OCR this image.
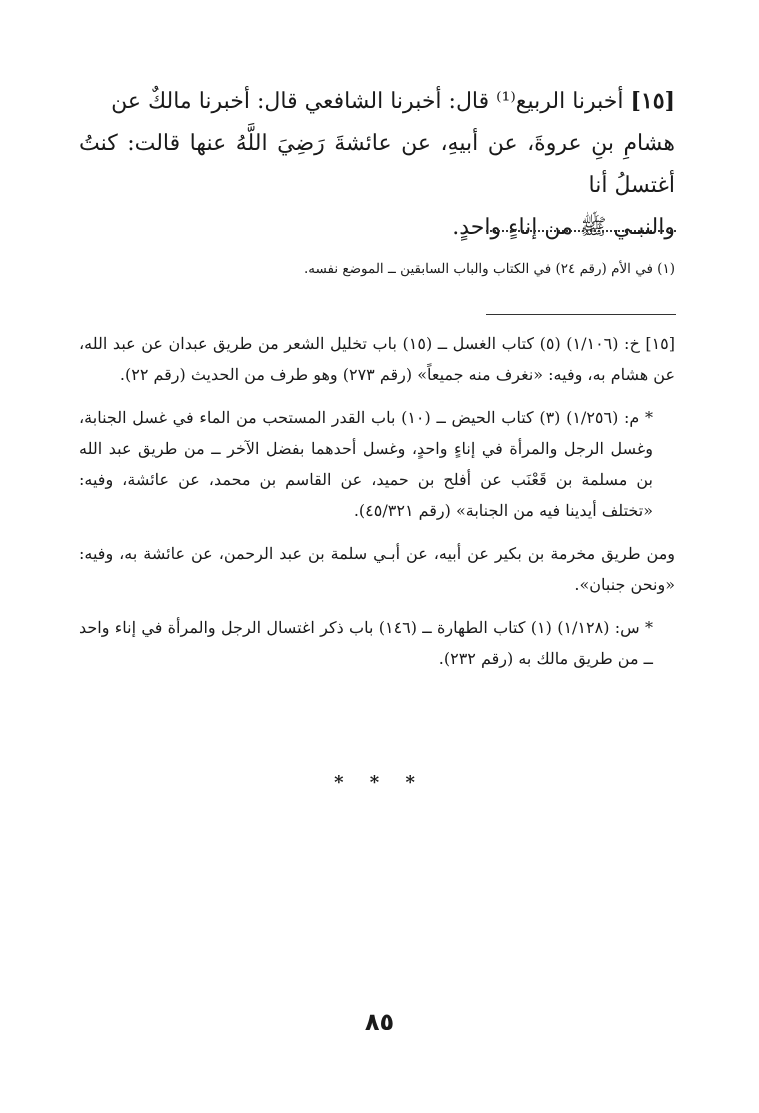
[١٥] أخبرنا الربيع⁽¹⁾ قال: أخبرنا الشافعي قال: أخبرنا مالكٌ عن

هشامِ بنِ عروةَ، عن أبيهِ، عن عائشةَ رَضِيَ اللَّهُ عنها قالت: كنتُ أغتسلُ أنا

والنبـي ﷺ من إناءٍ واحدٍ.

(١) في الأم (رقم ٢٤) في الكتاب والباب السابقين ــ الموضع نفسه.

[١٥] خ: (١/١٠٦) (٥) كتاب الغسل ــ (١٥) باب تخليل الشعر من طريق عبدان عن عبد الله، عن هشام به، وفيه: «نغرف منه جميعاً» (رقم ٢٧٣) وهو طرف من الحديث (رقم ٢٢).

* م: (١/٢٥٦) (٣) كتاب الحيض ــ (١٠) باب القدر المستحب من الماء في غسل الجنابة، وغسل الرجل والمرأة في إناءٍ واحدٍ، وغسل أحدهما بفضل الآخر ــ من طريق عبد الله بن مسلمة بن قَعْنَب عن أفلح بن حميد، عن القاسم بن محمد، عن عائشة، وفيه: «تختلف أيدينا فيه من الجنابة» (رقم ٤٥/٣٢١).

ومن طريق مخرمة بن بكير عن أبيه، عن أبـي سلمة بن عبد الرحمن، عن عائشة به، وفيه: «ونحن جنبان».

* س: (١/١٢٨) (١) كتاب الطهارة ــ (١٤٦) باب ذكر اغتسال الرجل والمرأة في إناء واحد ــ من طريق مالك به (رقم ٢٣٢).

* * *
٨٥
